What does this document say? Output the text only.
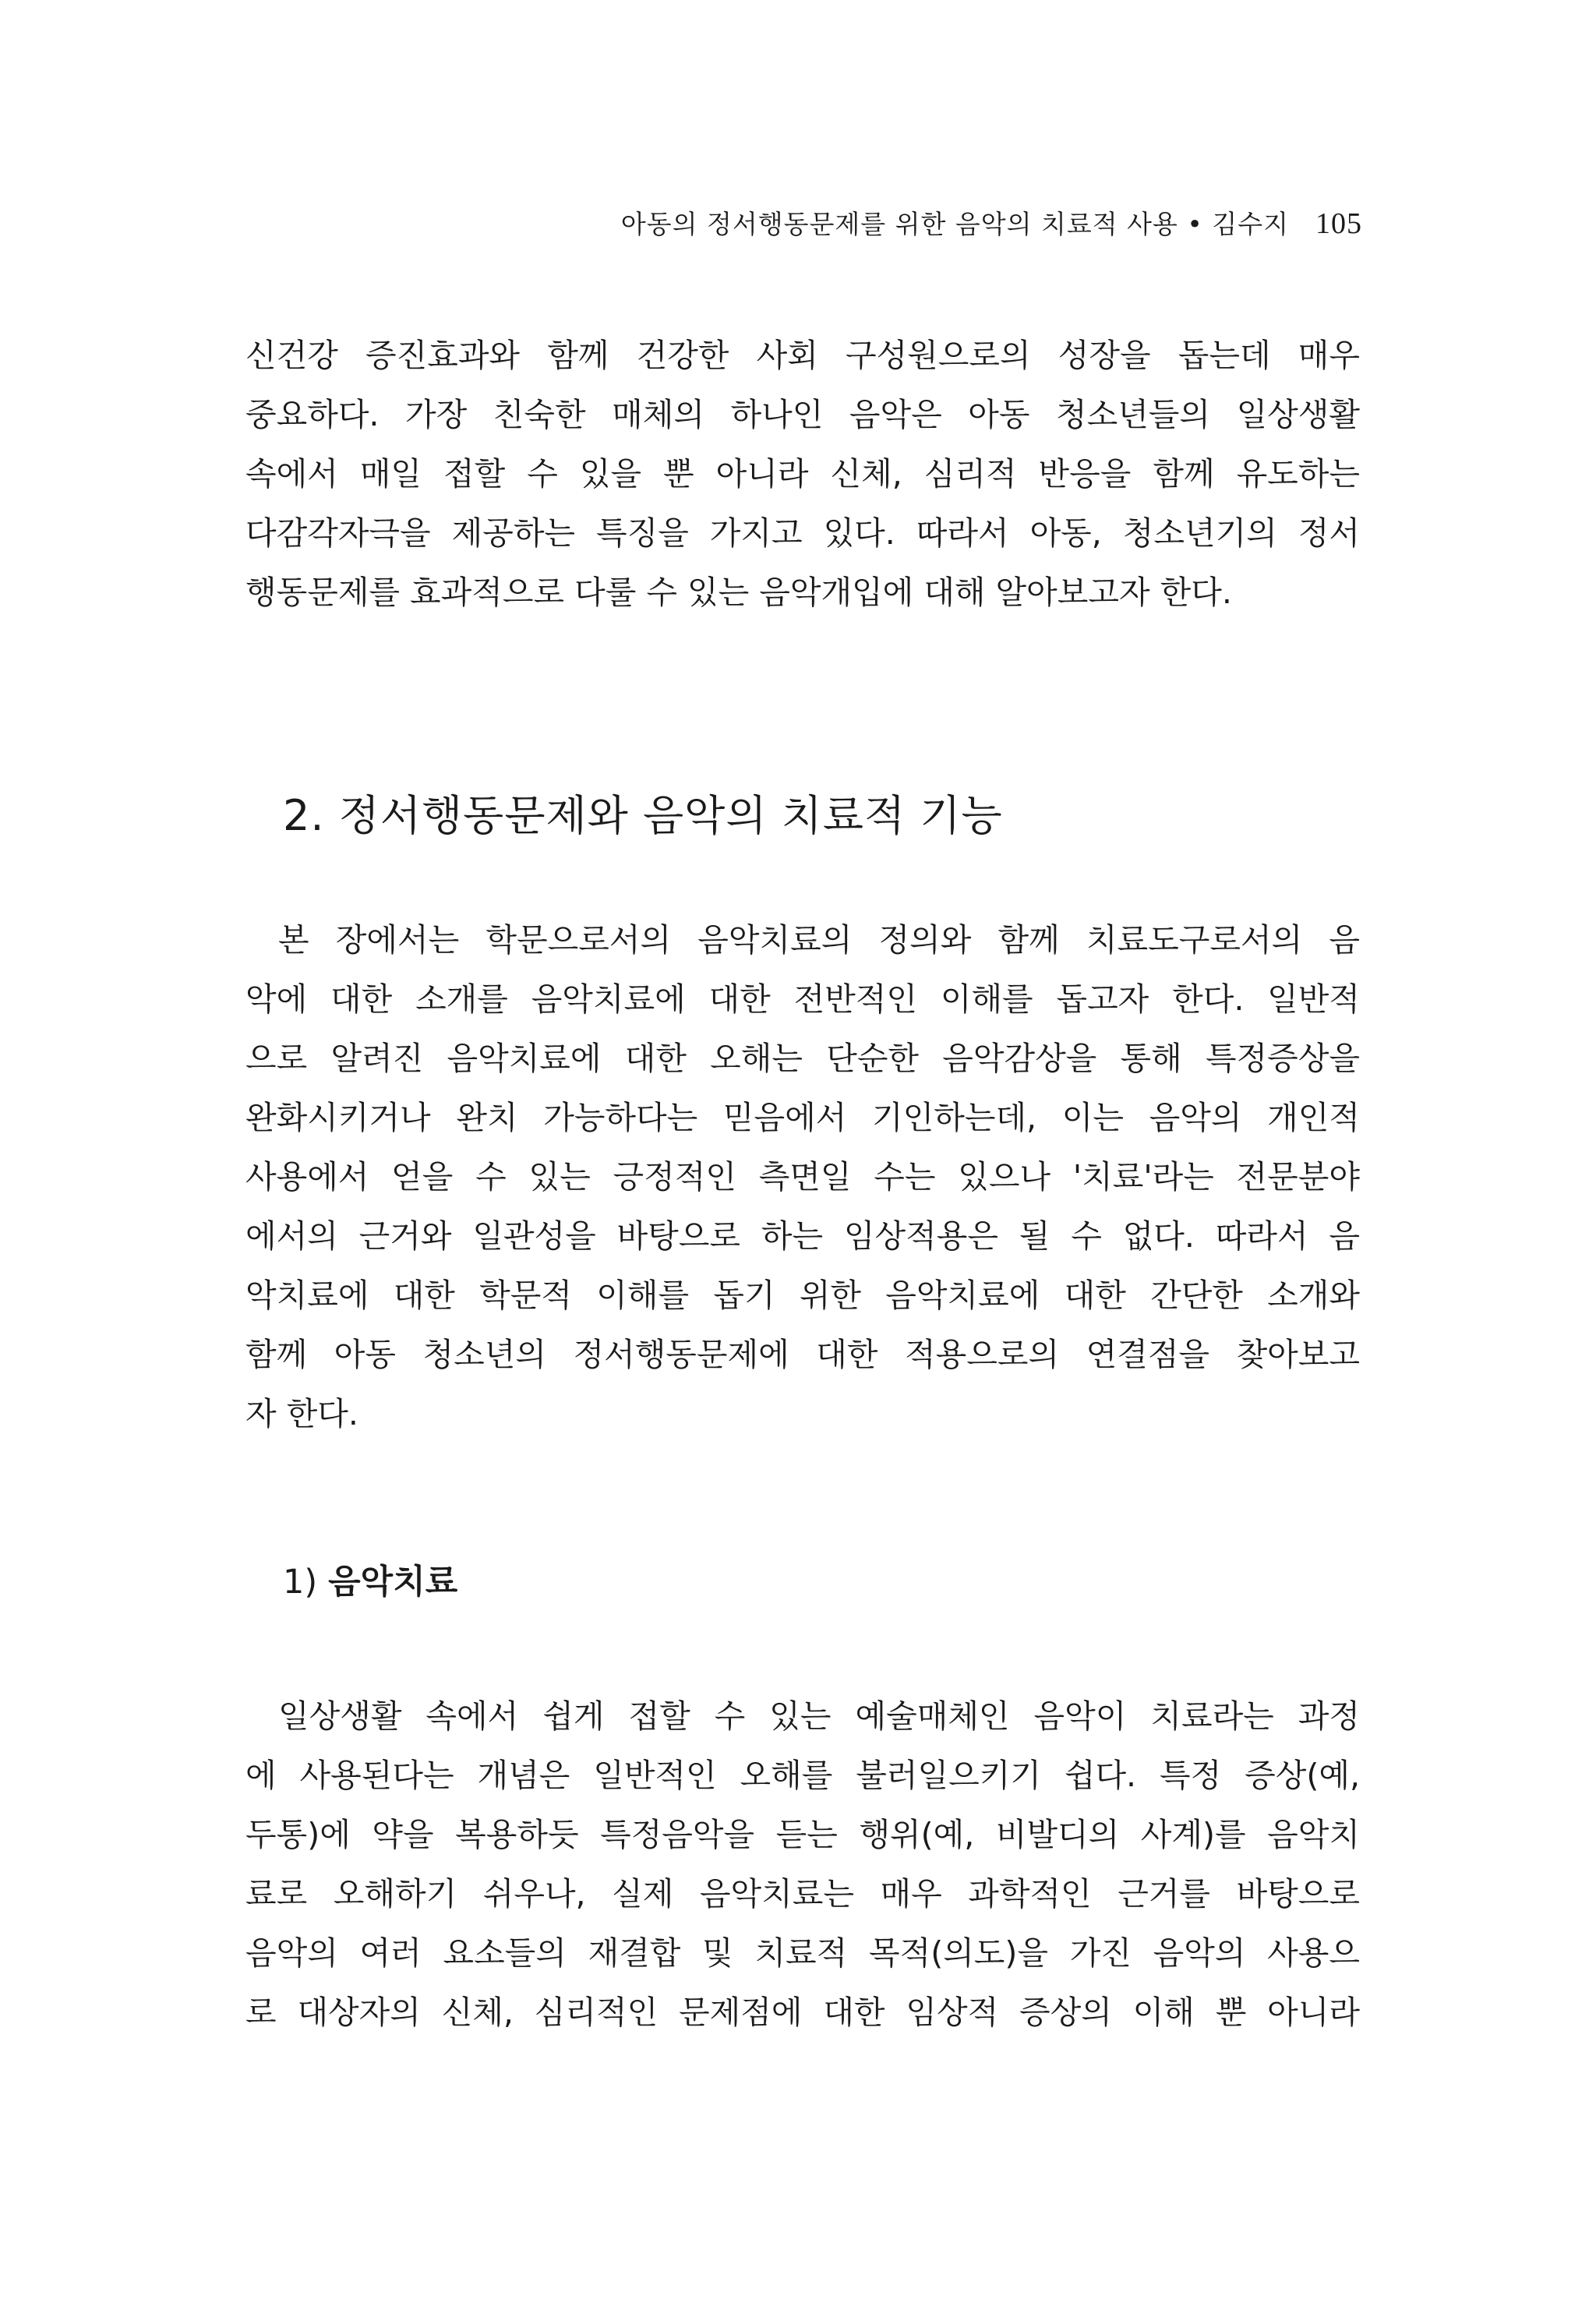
아동의 정서행동문제를 위한 음악의 치료적 사용 • 김수지 105
신건강 증진효과와 함께 건강한 사회 구성원으로의 성장을 돕는데 매우
중요하다. 가장 친숙한 매체의 하나인 음악은 아동 청소년들의 일상생활
속에서 매일 접할 수 있을 뿐 아니라 신체, 심리적 반응을 함께 유도하는
다감각자극을 제공하는 특징을 가지고 있다. 따라서 아동, 청소년기의 정서
행동문제를 효과적으로 다룰 수 있는 음악개입에 대해 알아보고자 한다.
2. 정서행동문제와 음악의 치료적 기능
본 장에서는 학문으로서의 음악치료의 정의와 함께 치료도구로서의 음
악에 대한 소개를 음악치료에 대한 전반적인 이해를 돕고자 한다. 일반적
으로 알려진 음악치료에 대한 오해는 단순한 음악감상을 통해 특정증상을
완화시키거나 완치 가능하다는 믿음에서 기인하는데, 이는 음악의 개인적
사용에서 얻을 수 있는 긍정적인 측면일 수는 있으나 '치료'라는 전문분야
에서의 근거와 일관성을 바탕으로 하는 임상적용은 될 수 없다. 따라서 음
악치료에 대한 학문적 이해를 돕기 위한 음악치료에 대한 간단한 소개와
함께 아동 청소년의 정서행동문제에 대한 적용으로의 연결점을 찾아보고
자 한다.
1) 음악치료
일상생활 속에서 쉽게 접할 수 있는 예술매체인 음악이 치료라는 과정
에 사용된다는 개념은 일반적인 오해를 불러일으키기 쉽다. 특정 증상(예,
두통)에 약을 복용하듯 특정음악을 듣는 행위(예, 비발디의 사계)를 음악치
료로 오해하기 쉬우나, 실제 음악치료는 매우 과학적인 근거를 바탕으로
음악의 여러 요소들의 재결합 및 치료적 목적(의도)을 가진 음악의 사용으
로 대상자의 신체, 심리적인 문제점에 대한 임상적 증상의 이해 뿐 아니라
